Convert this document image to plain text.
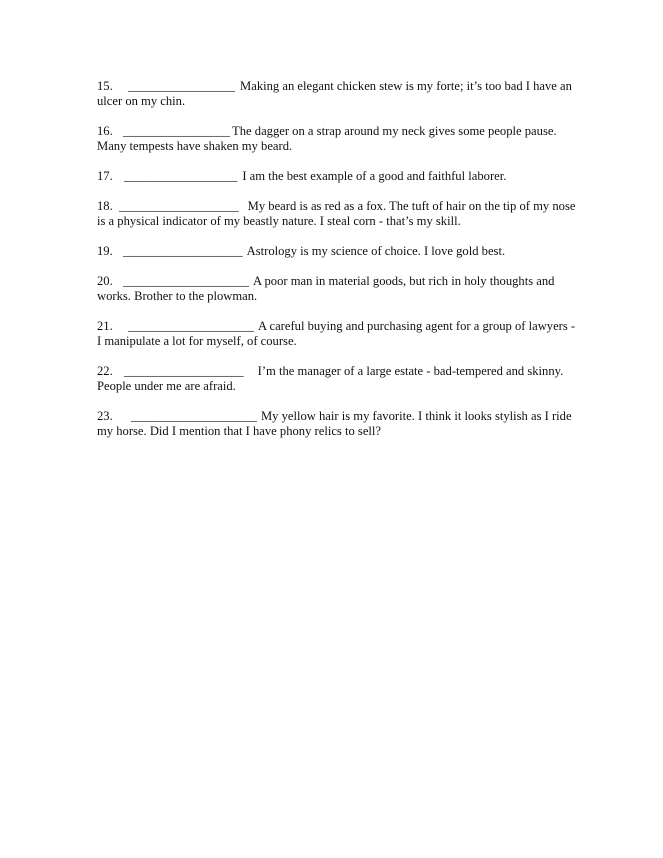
15. _________________ Making an elegant chicken stew is my forte; it’s too bad I have an ulcer on my chin.

16. _________________ The dagger on a strap around my neck gives some people pause. Many tempests have shaken my beard.

17. __________________ I am the best example of a good and faithful laborer.

18. ___________________ My beard is as red as a fox. The tuft of hair on the tip of my nose is a physical indicator of my beastly nature. I steal corn - that’s my skill.

19. ___________________ Astrology is my science of choice. I love gold best.

20. ____________________ A poor man in material goods, but rich in holy thoughts and works. Brother to the plowman.

21. ____________________ A careful buying and purchasing agent for a group of lawyers - I manipulate a lot for myself, of course.

22. ___________________ I’m the manager of a large estate - bad-tempered and skinny. People under me are afraid.

23. ____________________ My yellow hair is my favorite. I think it looks stylish as I ride my horse. Did I mention that I have phony relics to sell?
